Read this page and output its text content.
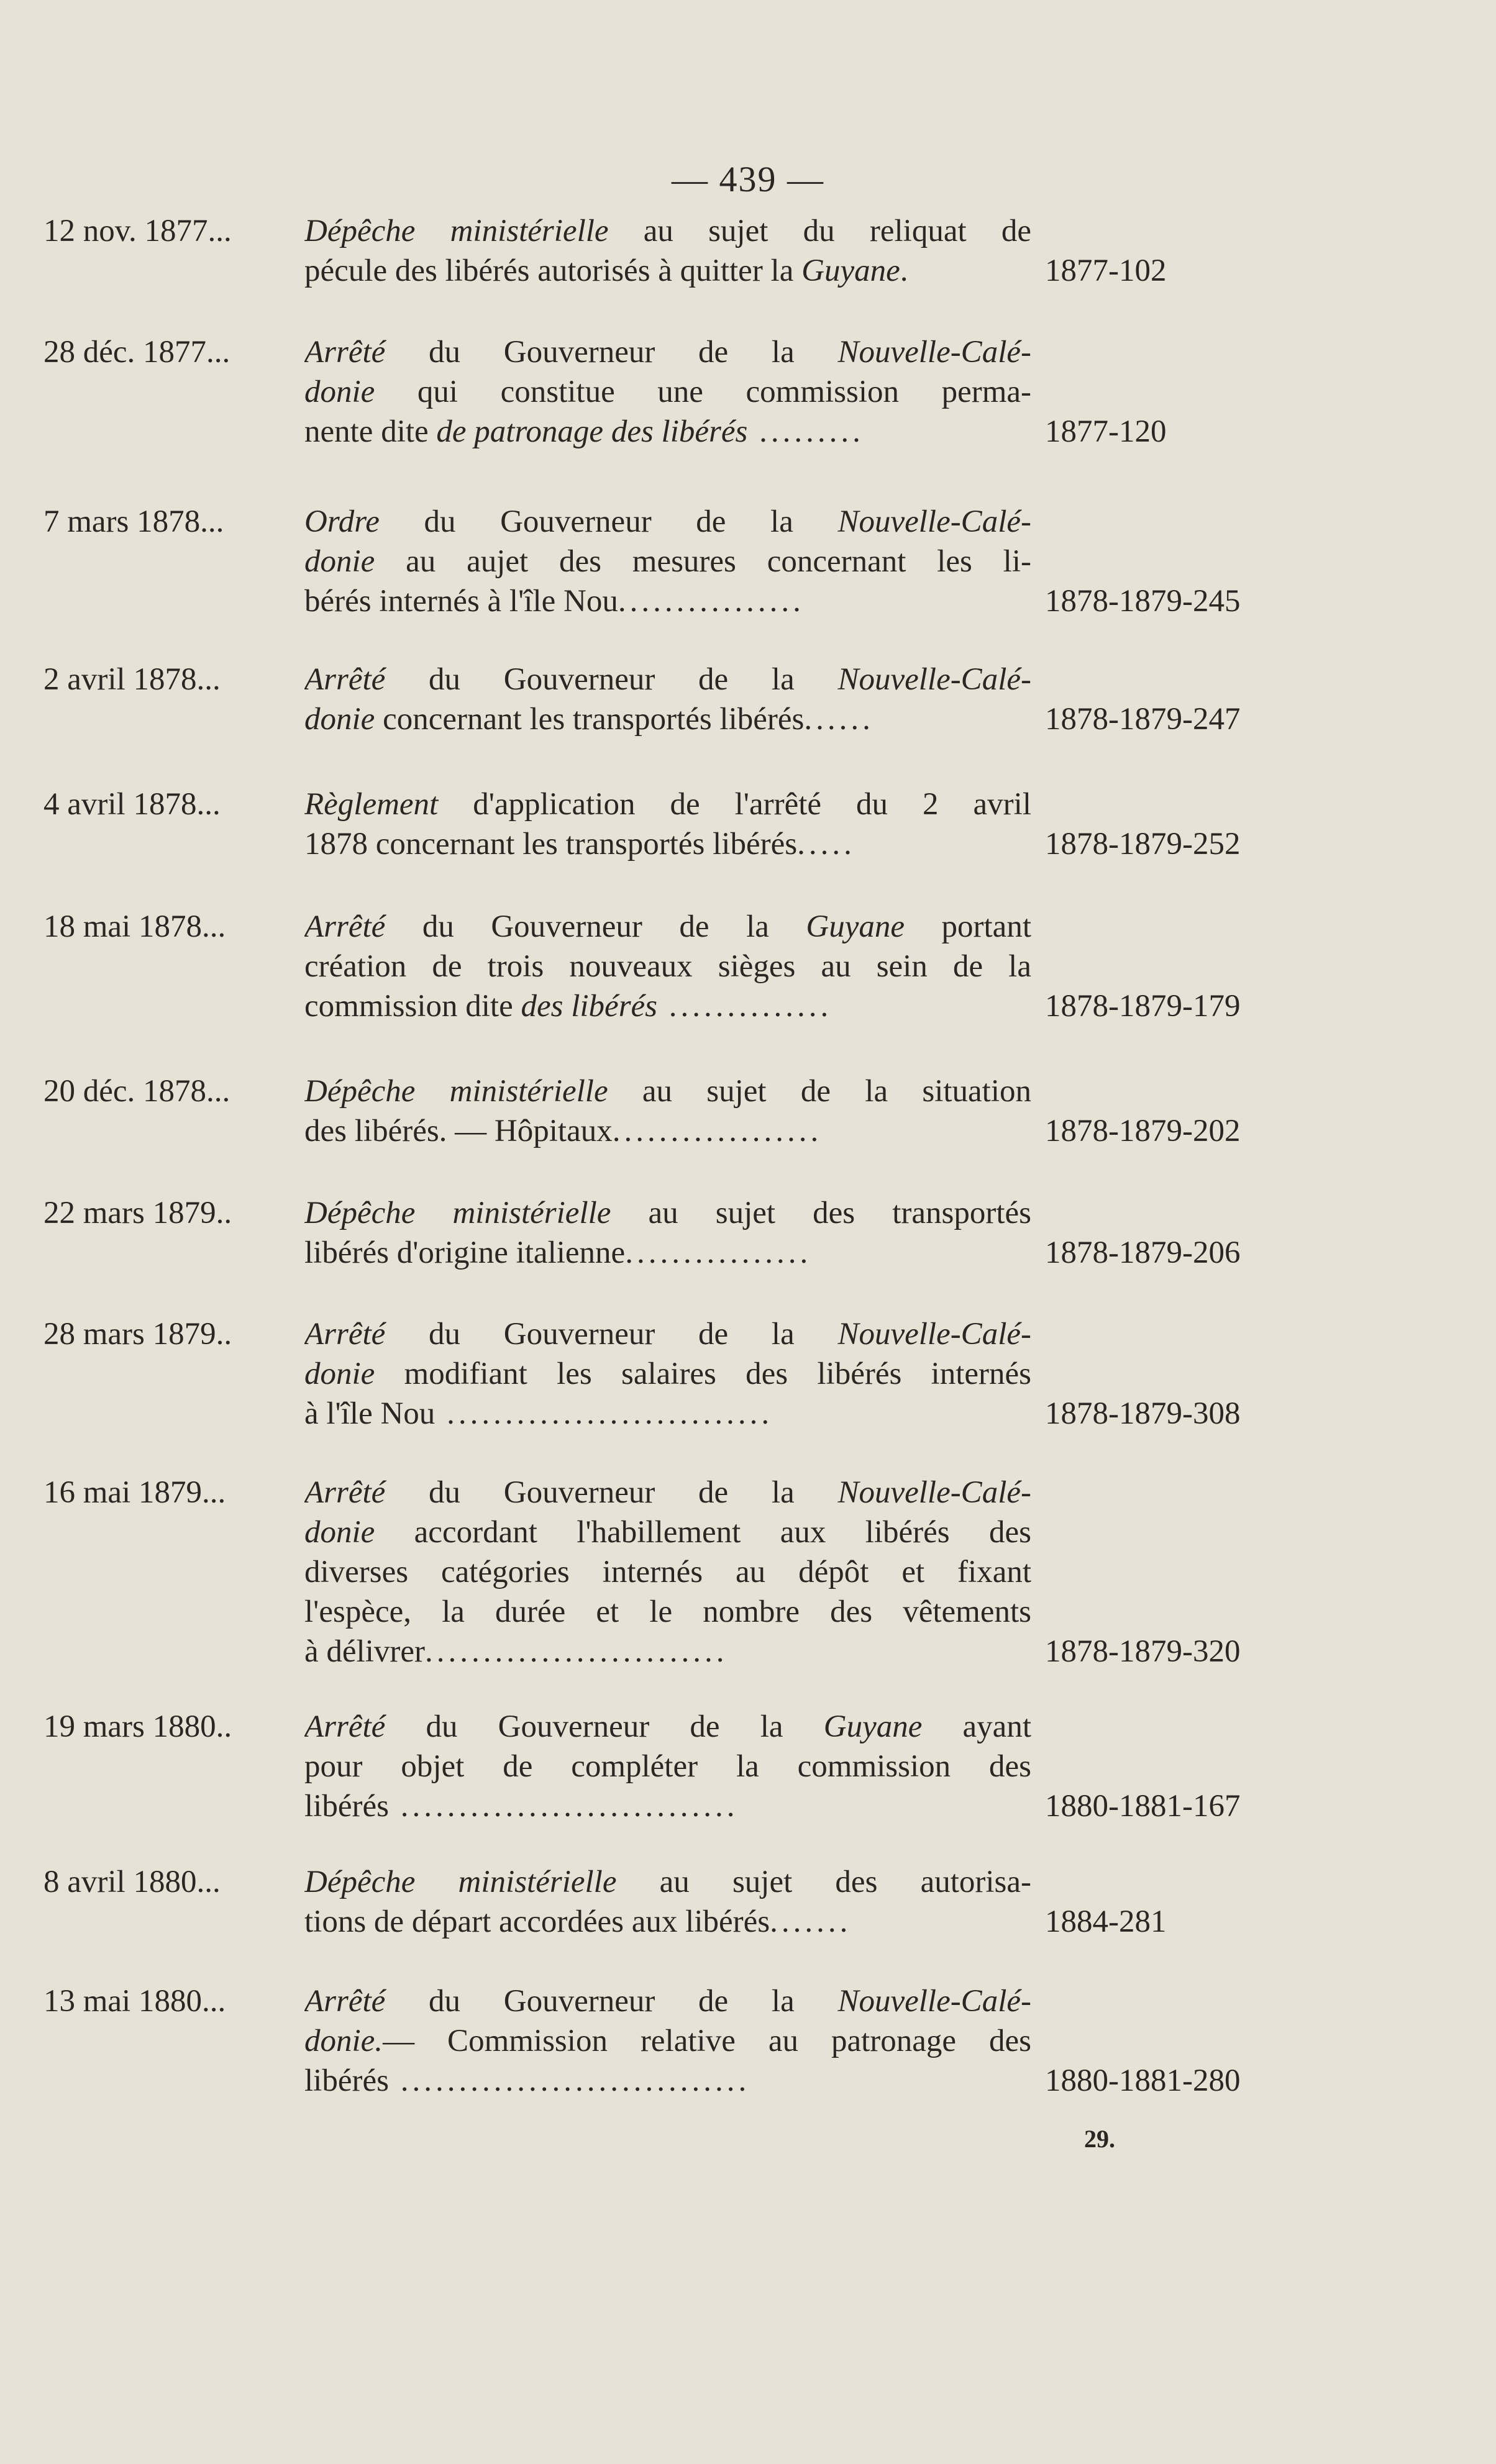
— 439 —
12 nov. 1877...	Dépêche ministérielle au sujet du reliquat de
pécule des libérés autorisés à quitter la Guyane.	1877-102
28 déc. 1877...	Arrêté du Gouverneur de la Nouvelle-Calé-
donie qui constitue une commission perma-
nente dite de patronage des libérés .........	1877-120
7 mars 1878...	Ordre du Gouverneur de la Nouvelle-Calé-
donie au aujet des mesures concernant les li-
bérés internés à l'île Nou................	1878-1879-245
2 avril 1878...	Arrêté du Gouverneur de la Nouvelle-Calé-
donie concernant les transportés libérés......	1878-1879-247
4 avril 1878...	Règlement d'application de l'arrêté du 2 avril
1878 concernant les transportés libérés.....	1878-1879-252
18 mai 1878...	Arrêté du Gouverneur de la Guyane portant
création de trois nouveaux sièges au sein de la
commission dite des libérés ..............	1878-1879-179
20 déc. 1878...	Dépêche ministérielle au sujet de la situation
des libérés. — Hôpitaux..................	1878-1879-202
22 mars 1879..	Dépêche ministérielle au sujet des transportés
libérés d'origine italienne................	1878-1879-206
28 mars 1879..	Arrêté du Gouverneur de la Nouvelle-Calé-
donie modifiant les salaires des libérés internés
à l'île Nou ............................	1878-1879-308
16 mai 1879...	Arrêté du Gouverneur de la Nouvelle-Calé-
donie accordant l'habillement aux libérés des
diverses catégories internés au dépôt et fixant
l'espèce, la durée et le nombre des vêtements
à délivrer..........................	1878-1879-320
19 mars 1880..	Arrêté du Gouverneur de la Guyane ayant
pour objet de compléter la commission des
libérés .............................	1880-1881-167
8 avril 1880...	Dépêche ministérielle au sujet des autorisa-
tions de départ accordées aux libérés.......	1884-281
13 mai 1880...	Arrêté du Gouverneur de la Nouvelle-Calé-
donie.— Commission relative au patronage des
libérés ..............................	1880-1881-280
29.
